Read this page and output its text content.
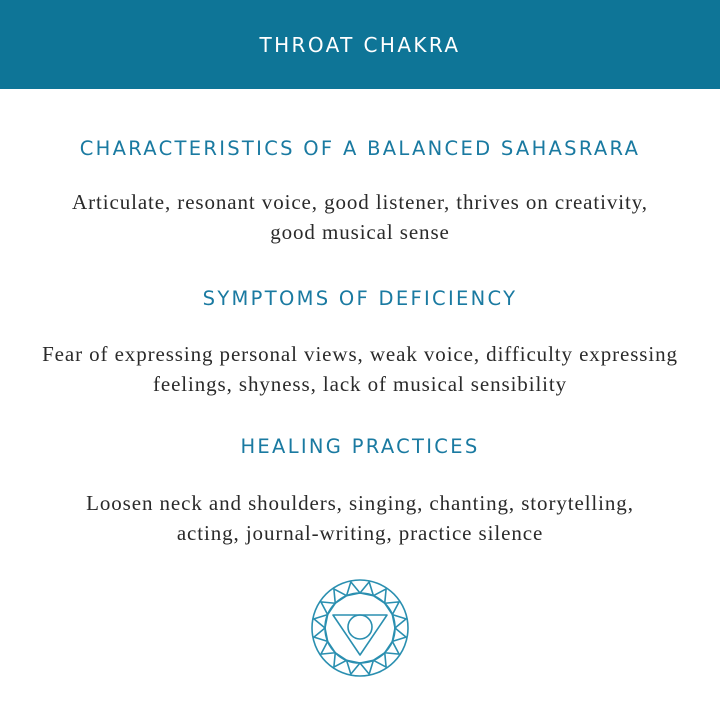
THROAT CHAKRA
CHARACTERISTICS OF A BALANCED SAHASRARA
Articulate, resonant voice, good listener, thrives on creativity,
good musical sense
SYMPTOMS OF DEFICIENCY
Fear of expressing personal views, weak voice, difficulty expressing
feelings, shyness, lack of musical sensibility
HEALING PRACTICES
Loosen neck and shoulders, singing, chanting, storytelling,
acting, journal-writing, practice silence
